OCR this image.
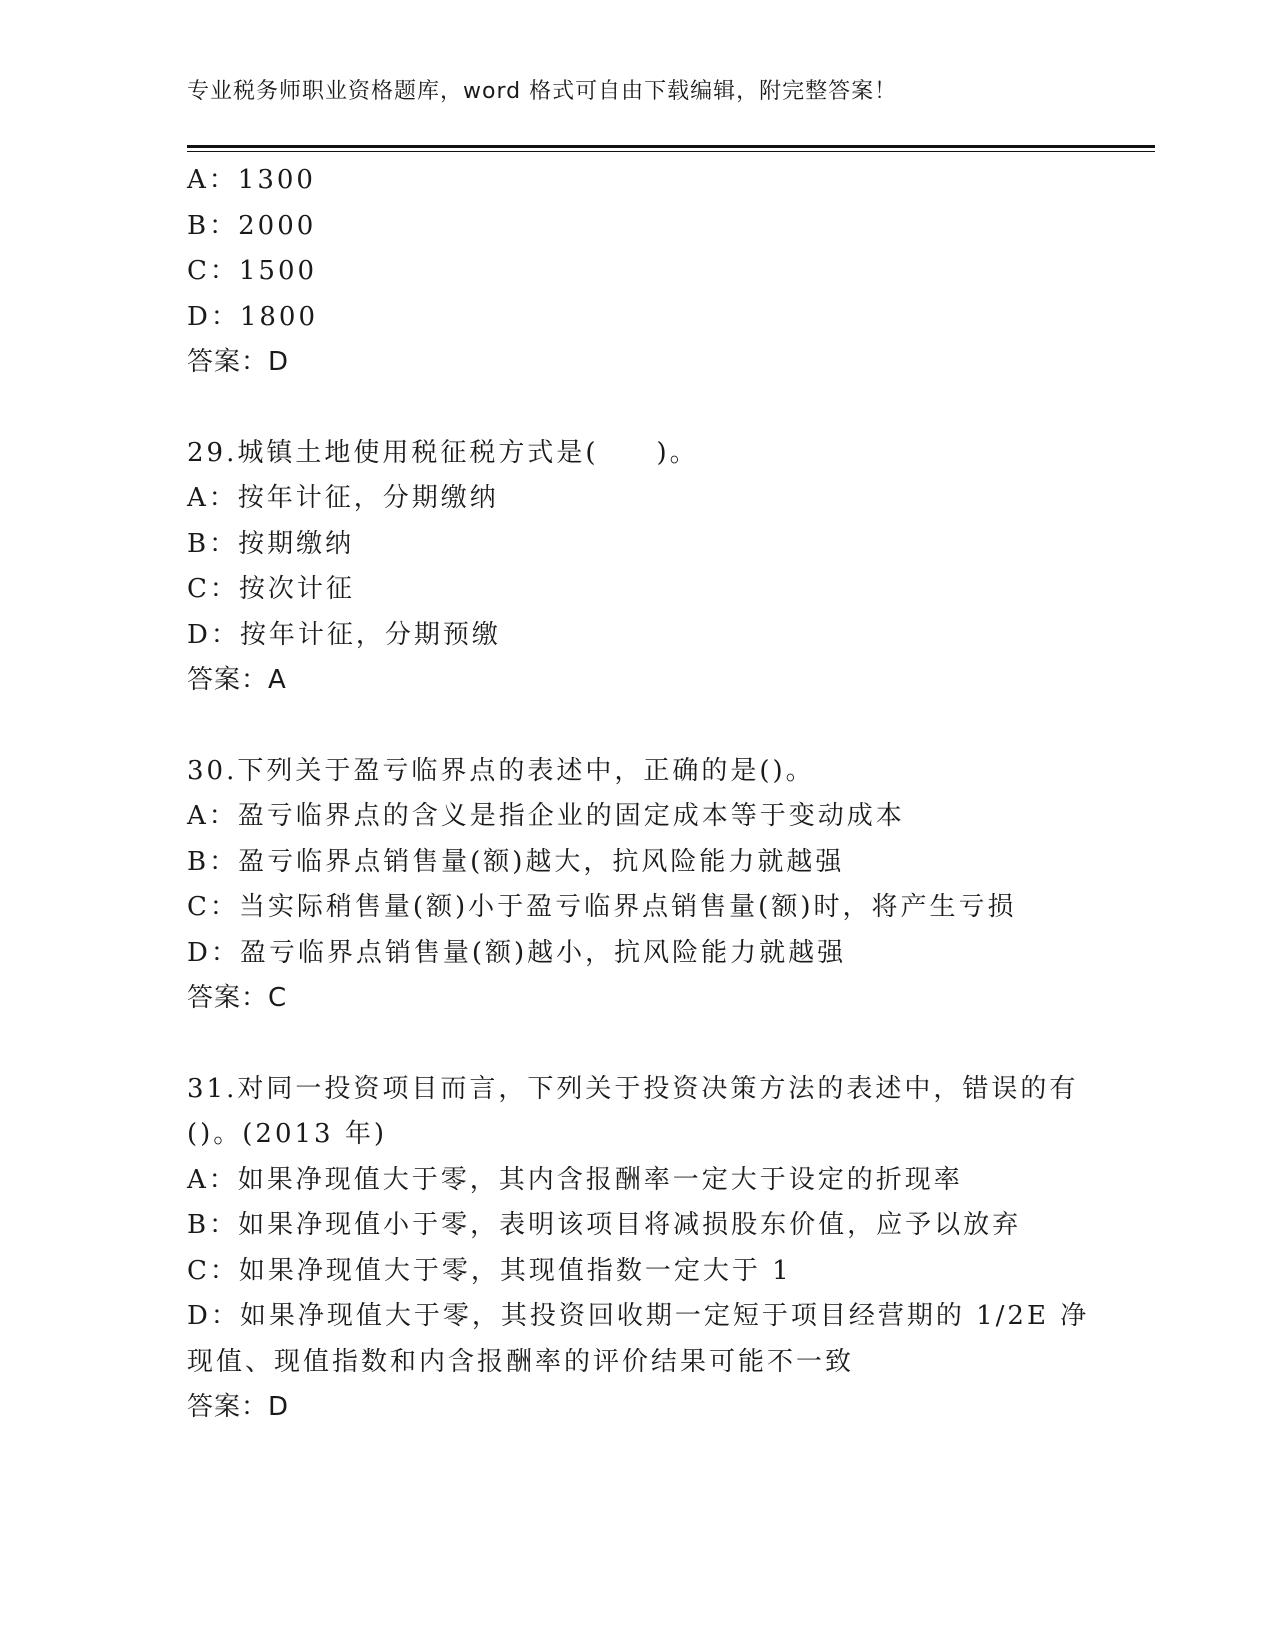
专业税务师职业资格题库，word 格式可自由下载编辑，附完整答案！
A：1300
B：2000
C：1500
D：1800
答案：D
29.城镇土地使用税征税方式是(　　)。
A：按年计征，分期缴纳
B：按期缴纳
C：按次计征
D：按年计征，分期预缴
答案：A
30.下列关于盈亏临界点的表述中，正确的是()。
A：盈亏临界点的含义是指企业的固定成本等于变动成本
B：盈亏临界点销售量(额)越大，抗风险能力就越强
C：当实际稍售量(额)小于盈亏临界点销售量(额)时，将产生亏损
D：盈亏临界点销售量(额)越小，抗风险能力就越强
答案：C
31.对同一投资项目而言，下列关于投资决策方法的表述中，错误的有
()。(2013 年)
A：如果净现值大于零，其内含报酬率一定大于设定的折现率
B：如果净现值小于零，表明该项目将减损股东价值，应予以放弃
C：如果净现值大于零，其现值指数一定大于 1
D：如果净现值大于零，其投资回收期一定短于项目经营期的 1/2E 净
现值、现值指数和内含报酬率的评价结果可能不一致
答案：D
